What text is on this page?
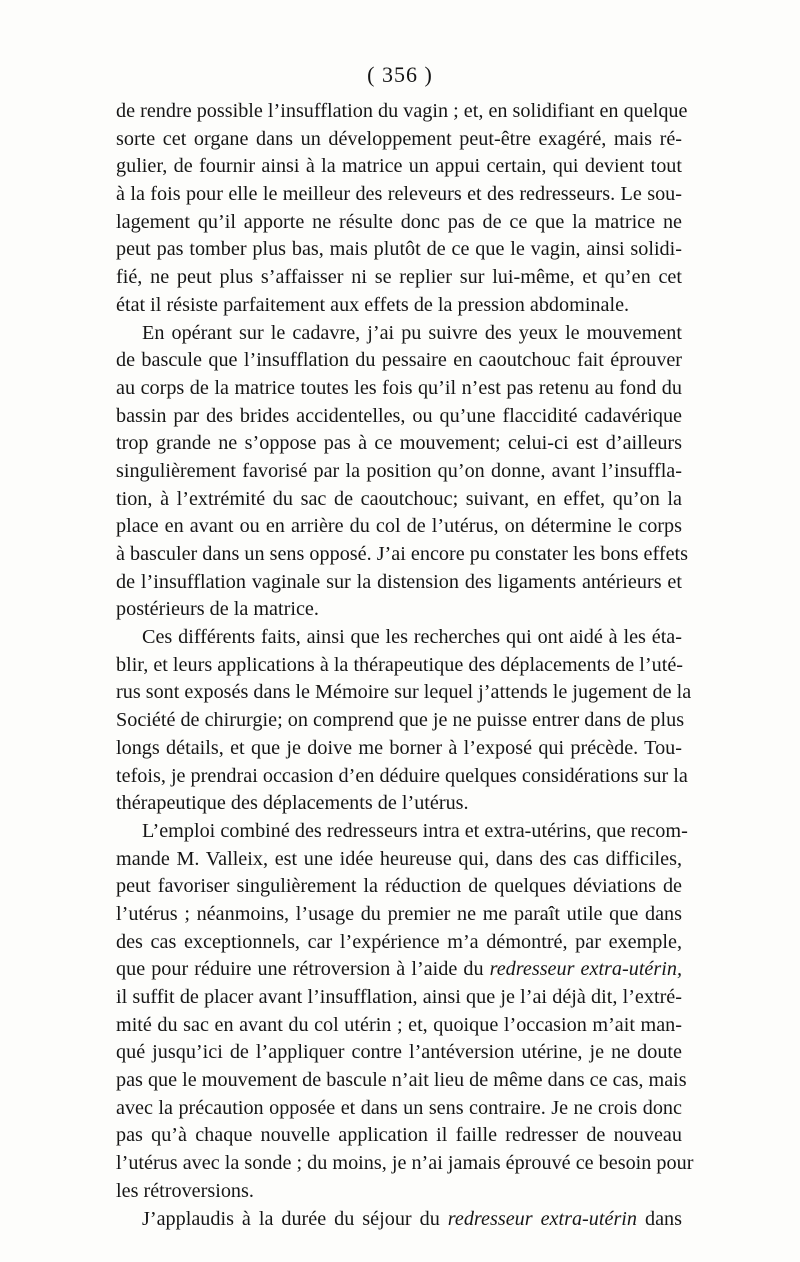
( 356 )
de rendre possible l’insufflation du vagin ; et, en solidifiant en quelque
sorte cet organe dans un développement peut-être exagéré, mais ré-
gulier, de fournir ainsi à la matrice un appui certain, qui devient tout
à la fois pour elle le meilleur des releveurs et des redresseurs. Le sou-
lagement qu’il apporte ne résulte donc pas de ce que la matrice ne
peut pas tomber plus bas, mais plutôt de ce que le vagin, ainsi solidi-
fié, ne peut plus s’affaisser ni se replier sur lui-même, et qu’en cet
état il résiste parfaitement aux effets de la pression abdominale.
En opérant sur le cadavre, j’ai pu suivre des yeux le mouvement
de bascule que l’insufflation du pessaire en caoutchouc fait éprouver
au corps de la matrice toutes les fois qu’il n’est pas retenu au fond du
bassin par des brides accidentelles, ou qu’une flaccidité cadavérique
trop grande ne s’oppose pas à ce mouvement; celui-ci est d’ailleurs
singulièrement favorisé par la position qu’on donne, avant l’insuffla-
tion, à l’extrémité du sac de caoutchouc; suivant, en effet, qu’on la
place en avant ou en arrière du col de l’utérus, on détermine le corps
à basculer dans un sens opposé. J’ai encore pu constater les bons effets
de l’insufflation vaginale sur la distension des ligaments antérieurs et
postérieurs de la matrice.
Ces différents faits, ainsi que les recherches qui ont aidé à les éta-
blir, et leurs applications à la thérapeutique des déplacements de l’uté-
rus sont exposés dans le Mémoire sur lequel j’attends le jugement de la
Société de chirurgie; on comprend que je ne puisse entrer dans de plus
longs détails, et que je doive me borner à l’exposé qui précède. Tou-
tefois, je prendrai occasion d’en déduire quelques considérations sur la
thérapeutique des déplacements de l’utérus.
L’emploi combiné des redresseurs intra et extra-utérins, que recom-
mande M. Valleix, est une idée heureuse qui, dans des cas difficiles,
peut favoriser singulièrement la réduction de quelques déviations de
l’utérus ; néanmoins, l’usage du premier ne me paraît utile que dans
des cas exceptionnels, car l’expérience m’a démontré, par exemple,
que pour réduire une rétroversion à l’aide du redresseur extra-utérin,
il suffit de placer avant l’insufflation, ainsi que je l’ai déjà dit, l’extré-
mité du sac en avant du col utérin ; et, quoique l’occasion m’ait man-
qué jusqu’ici de l’appliquer contre l’antéversion utérine, je ne doute
pas que le mouvement de bascule n’ait lieu de même dans ce cas, mais
avec la précaution opposée et dans un sens contraire. Je ne crois donc
pas qu’à chaque nouvelle application il faille redresser de nouveau
l’utérus avec la sonde ; du moins, je n’ai jamais éprouvé ce besoin pour
les rétroversions.
J’applaudis à la durée du séjour du redresseur extra-utérin dans
